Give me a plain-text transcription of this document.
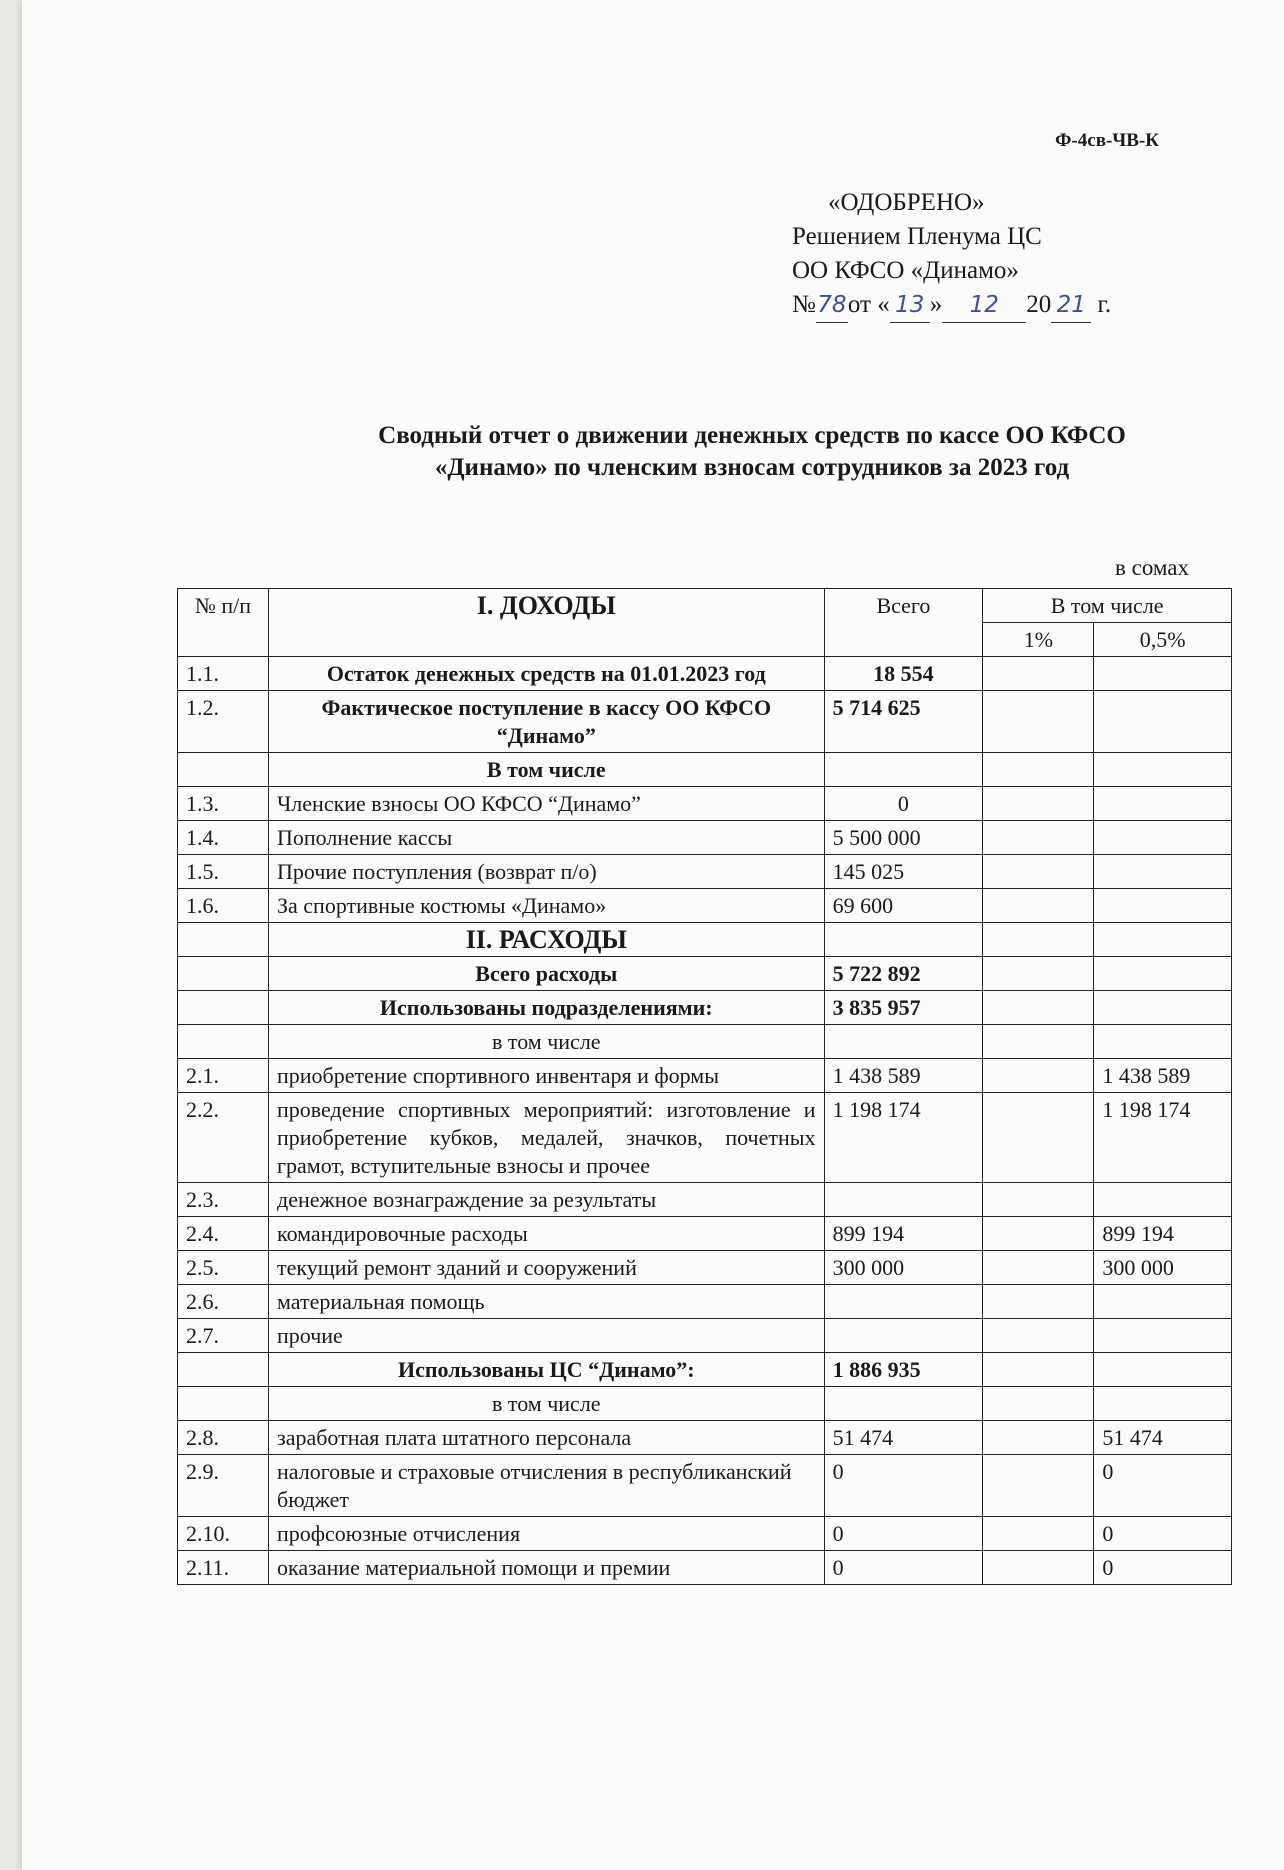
Ф-4св-ЧВ-К
«ОДОБРЕНО»
Решением Пленума ЦС
ОО КФСО «Динамо»
№78от « 13 » 12 20 21 г.
Сводный отчет о движении денежных средств по кассе ОО КФСО
«Динамо» по членским взносам сотрудников за 2023 год
в сомах
№ п/п	I. ДОХОДЫ	Всего	В том числе	
			1%	0,5%
1.1.	Остаток денежных средств на 01.01.2023 год	18 554		
1.2.	Фактическое поступление в кассу ОО КФСО “Динамо”	5 714 625		
	В том числе			
1.3.	Членские взносы ОО КФСО “Динамо”	0		
1.4.	Пополнение кассы	5 500 000		
1.5.	Прочие поступления (возврат п/о)	145 025		
1.6.	За спортивные костюмы «Динамо»	69 600		
	II. РАСХОДЫ			
	Всего расходы	5 722 892		
	Использованы подразделениями:	3 835 957		
	в том числе			
2.1.	приобретение спортивного инвентаря и формы	1 438 589		1 438 589
2.2.	проведение спортивных мероприятий: изготовление и приобретение кубков, медалей, значков, почетных грамот, вступительные взносы и прочее	1 198 174		1 198 174
2.3.	денежное вознаграждение за результаты			
2.4.	командировочные расходы	899 194		899 194
2.5.	текущий ремонт зданий и сооружений	300 000		300 000
2.6.	материальная помощь			
2.7.	прочие			
	Использованы ЦС “Динамо”:	1 886 935		
	в том числе			
2.8.	заработная плата штатного персонала	51 474		51 474
2.9.	налоговые и страховые отчисления в республиканский бюджет	0		0
2.10.	профсоюзные отчисления	0		0
2.11.	оказание материальной помощи и премии	0		0
